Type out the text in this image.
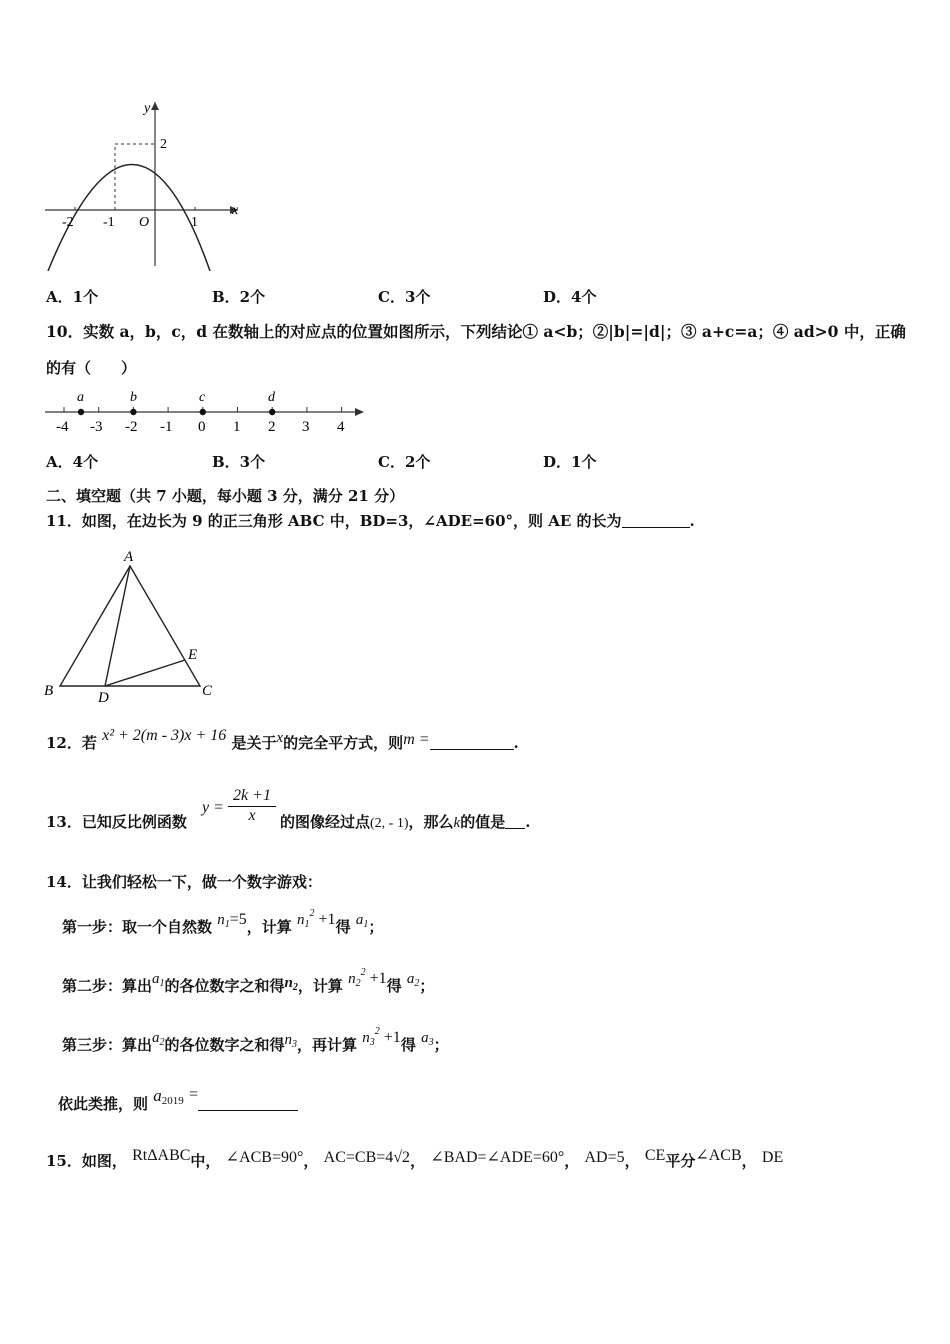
y
x
O
2
-2 -1	1
A．1个	B．2个	C．3个	D．4个
10．实数 a，b，c，d 在数轴上的对应点的位置如图所示，下列结论① a<b；②|b|=|d|；③ a+c=a；④ ad>0 中，正确
的有（　　）
a	b	c	d
-4 -3 -2 -1 0 1 2 3 4
A．4个	B．3个	C．2个	D．1个
二、填空题（共 7 小题，每小题 3 分，满分 21 分）
11．如图，在边长为 9 的正三角形 ABC 中，BD=3，∠ADE=60°，则 AE 的长为	.
A
B	C
D
E
12．若 x² + 2(m - 3)x + 16 是关于x的完全平方式，则m =	.
13．已知反比例函数
$y = \frac{2k +1}{x}$ 的图像经过点(2, - 1)，那么k的值是 .
14．让我们轻松一下，做一个数字游戏：
第一步：取一个自然数 $n_1=5$，计算 $n_1^2 +1$得 $a_1$；
第二步：算出$a_1$的各位数字之和得$n_2$，计算 $n_2^2 +1$得 $a_2$；
第三步：算出$a_2$的各位数字之和得$n_3$，再计算 $n_3^2 +1$得 $a_3$；
依此类推，则 $a_{2019}$ =
15．如图， RtΔABC中， ∠ACB=90°， AC=CB=4√2， ∠BAD=∠ADE=60°， AD=5， CE平分∠ACB， DE
